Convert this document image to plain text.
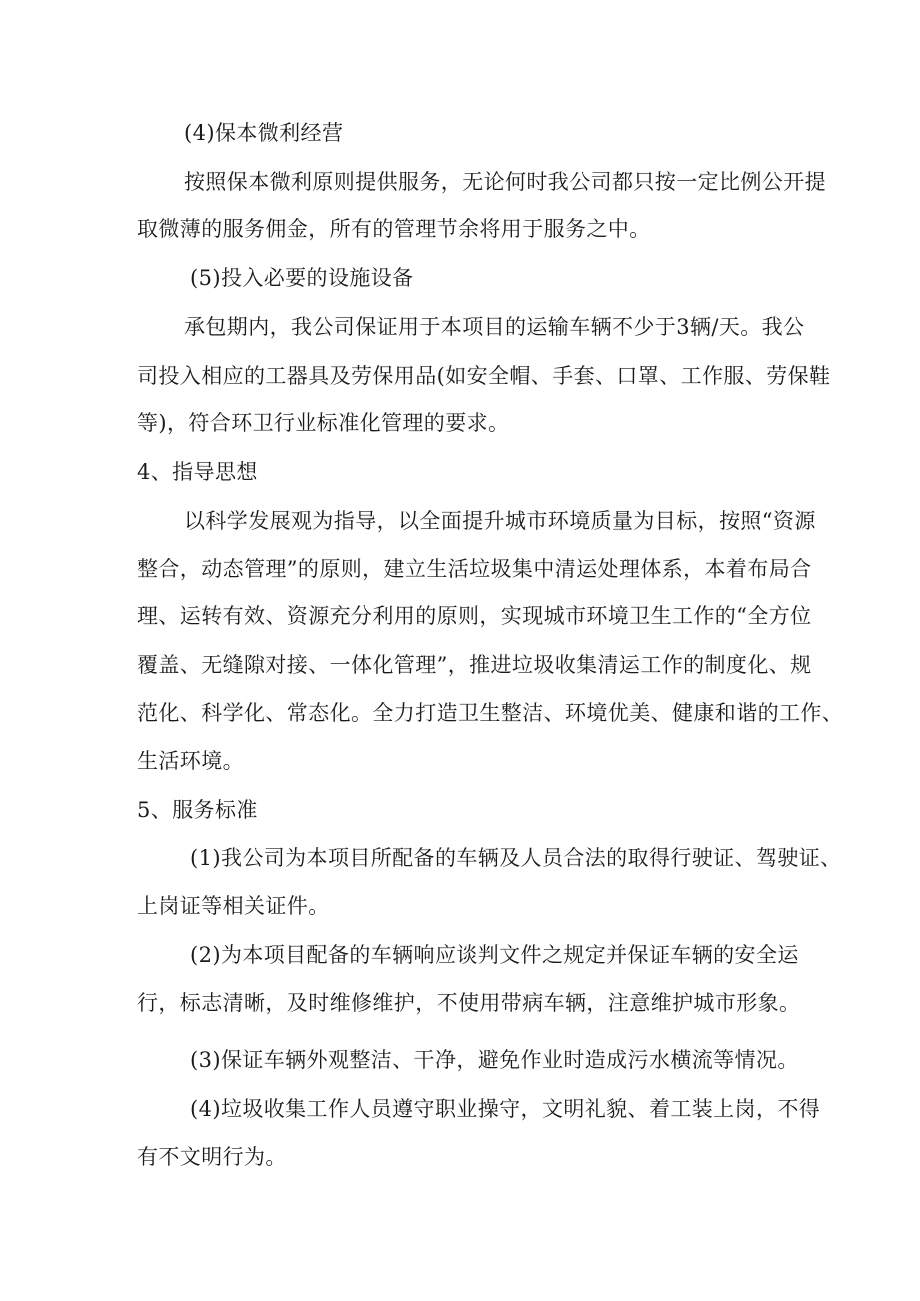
(4)保本微利经营
按照保本微利原则提供服务，无论何时我公司都只按一定比例公开提
取微薄的服务佣金，所有的管理节余将用于服务之中。
(5)投入必要的设施设备
承包期内，我公司保证用于本项目的运输车辆不少于3辆/天。我公
司投入相应的工器具及劳保用品(如安全帽、手套、口罩、工作服、劳保鞋
等)，符合环卫行业标准化管理的要求。
4、指导思想
以科学发展观为指导，以全面提升城市环境质量为目标，按照“资源
整合，动态管理”的原则，建立生活垃圾集中清运处理体系，本着布局合
理、运转有效、资源充分利用的原则，实现城市环境卫生工作的“全方位
覆盖、无缝隙对接、一体化管理”，推进垃圾收集清运工作的制度化、规
范化、科学化、常态化。全力打造卫生整洁、环境优美、健康和谐的工作、
生活环境。
5、服务标准
(1)我公司为本项目所配备的车辆及人员合法的取得行驶证、驾驶证、
上岗证等相关证件。
(2)为本项目配备的车辆响应谈判文件之规定并保证车辆的安全运
行，标志清晰，及时维修维护，不使用带病车辆，注意维护城市形象。
(3)保证车辆外观整洁、干净，避免作业时造成污水横流等情况。
(4)垃圾收集工作人员遵守职业操守，文明礼貌、着工装上岗，不得
有不文明行为。
